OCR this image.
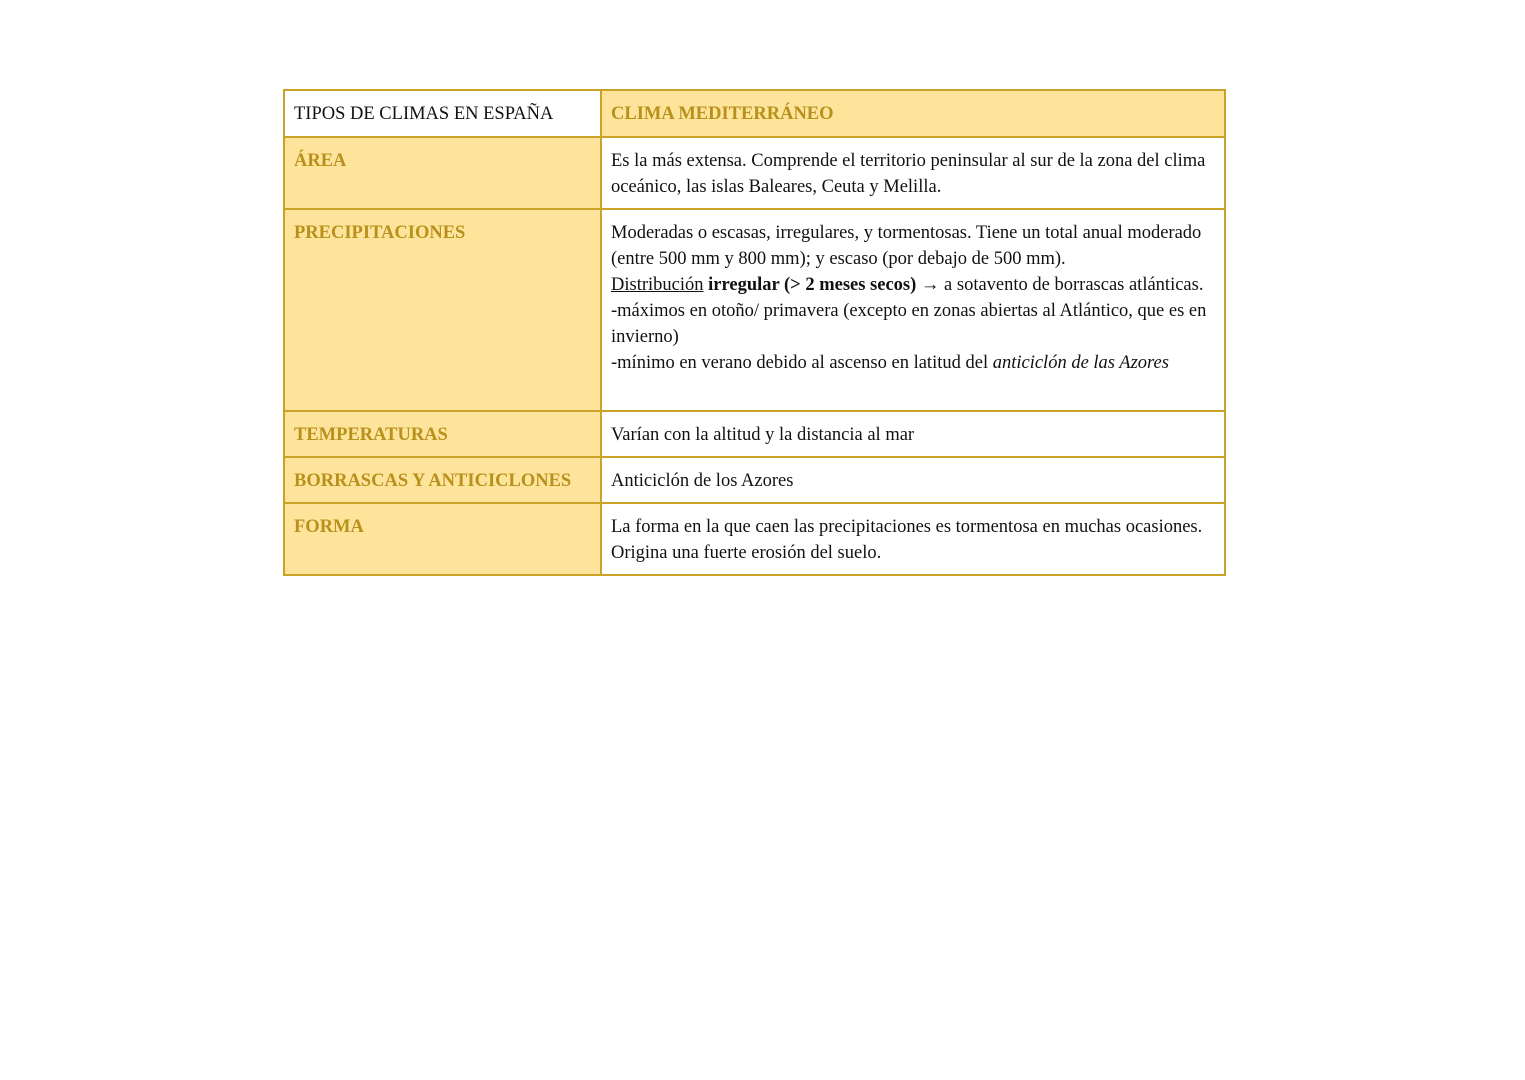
TIPOS DE CLIMAS EN ESPAÑA	CLIMA MEDITERRÁNEO
ÁREA	Es la más extensa. Comprende el territorio peninsular al sur de la zona del clima oceánico, las islas Baleares, Ceuta y Melilla.
PRECIPITACIONES	Moderadas o escasas, irregulares, y tormentosas. Tiene un total anual moderado (entre 500 mm y 800 mm); y escaso (por debajo de 500 mm).
Distribución irregular (> 2 meses secos) → a sotavento de borrascas atlánticas.
-máximos en otoño/ primavera (excepto en zonas abiertas al Atlántico, que es en invierno)
-mínimo en verano debido al ascenso en latitud del anticiclón de las Azores

TEMPERATURAS	Varían con la altitud y la distancia al mar
BORRASCAS Y ANTICICLONES	Anticiclón de los Azores
FORMA	La forma en la que caen las precipitaciones es tormentosa en muchas ocasiones. Origina una fuerte erosión del suelo.
